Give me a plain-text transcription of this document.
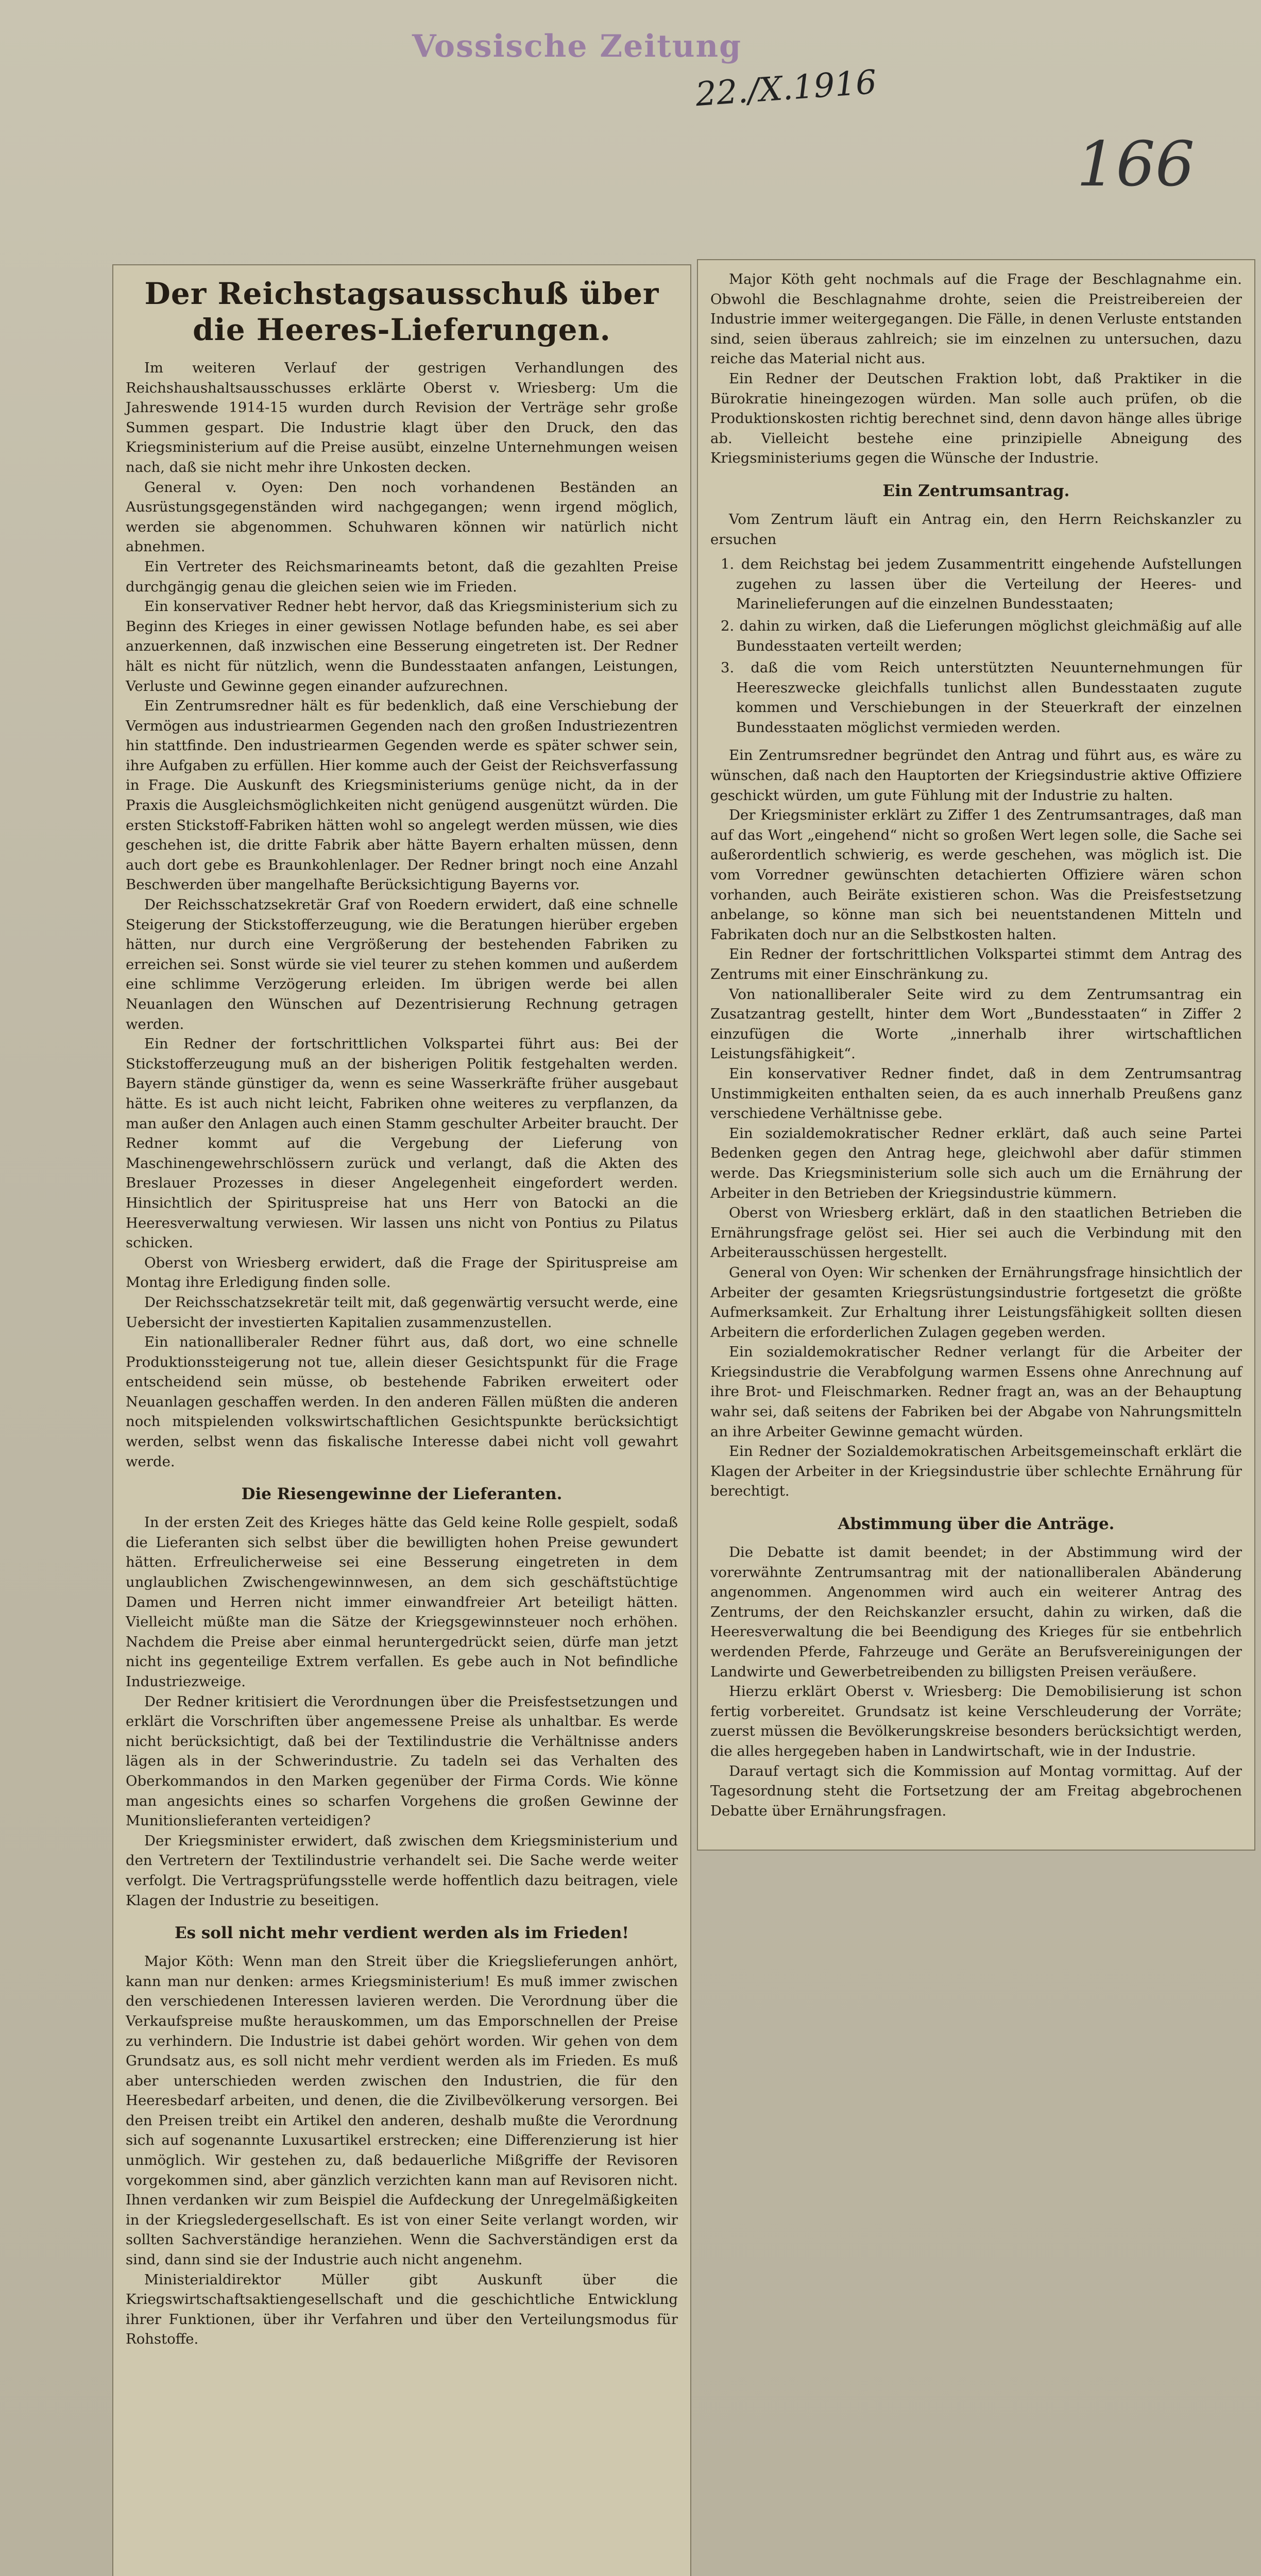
Vossische Zeitung
22./X.1916
166
Der Reichstagsausschuß über die Heeres-Lieferungen.

Im weiteren Verlauf der gestrigen Verhandlungen des Reichshaushaltsausschusses erklärte Oberst v. Wriesberg: Um die Jahreswende 1914-15 wurden durch Revision der Verträge sehr große Summen gespart. Die Industrie klagt über den Druck, den das Kriegsministerium auf die Preise ausübt, einzelne Unternehmungen weisen nach, daß sie nicht mehr ihre Unkosten decken.

General v. Oyen: Den noch vorhandenen Beständen an Ausrüstungsgegenständen wird nachgegangen; wenn irgend möglich, werden sie abgenommen. Schuhwaren können wir natürlich nicht abnehmen.

Ein Vertreter des Reichsmarineamts betont, daß die gezahlten Preise durchgängig genau die gleichen seien wie im Frieden.

Ein konservativer Redner hebt hervor, daß das Kriegsministerium sich zu Beginn des Krieges in einer gewissen Notlage befunden habe, es sei aber anzuerkennen, daß inzwischen eine Besserung eingetreten ist. Der Redner hält es nicht für nützlich, wenn die Bundesstaaten anfangen, Leistungen, Verluste und Gewinne gegen einander aufzurechnen.

Ein Zentrumsredner hält es für bedenklich, daß eine Verschiebung der Vermögen aus industriearmen Gegenden nach den großen Industriezentren hin stattfinde. Den industriearmen Gegenden werde es später schwer sein, ihre Aufgaben zu erfüllen. Hier komme auch der Geist der Reichsverfassung in Frage. Die Auskunft des Kriegsministeriums genüge nicht, da in der Praxis die Ausgleichsmöglichkeiten nicht genügend ausgenützt würden. Die ersten Stickstoff-Fabriken hätten wohl so angelegt werden müssen, wie dies geschehen ist, die dritte Fabrik aber hätte Bayern erhalten müssen, denn auch dort gebe es Braunkohlenlager. Der Redner bringt noch eine Anzahl Beschwerden über mangelhafte Berücksichtigung Bayerns vor.

Der Reichsschatzsekretär Graf von Roedern erwidert, daß eine schnelle Steigerung der Stickstofferzeugung, wie die Beratungen hierüber ergeben hätten, nur durch eine Vergrößerung der bestehenden Fabriken zu erreichen sei. Sonst würde sie viel teurer zu stehen kommen und außerdem eine schlimme Verzögerung erleiden. Im übrigen werde bei allen Neuanlagen den Wünschen auf Dezentrisierung Rechnung getragen werden.

Ein Redner der fortschrittlichen Volkspartei führt aus: Bei der Stickstofferzeugung muß an der bisherigen Politik festgehalten werden. Bayern stände günstiger da, wenn es seine Wasserkräfte früher ausgebaut hätte. Es ist auch nicht leicht, Fabriken ohne weiteres zu verpflanzen, da man außer den Anlagen auch einen Stamm geschulter Arbeiter braucht. Der Redner kommt auf die Vergebung der Lieferung von Maschinengewehrschlössern zurück und verlangt, daß die Akten des Breslauer Prozesses in dieser Angelegenheit eingefordert werden. Hinsichtlich der Spirituspreise hat uns Herr von Batocki an die Heeresverwaltung verwiesen. Wir lassen uns nicht von Pontius zu Pilatus schicken.

Oberst von Wriesberg erwidert, daß die Frage der Spirituspreise am Montag ihre Erledigung finden solle.

Der Reichsschatzsekretär teilt mit, daß gegenwärtig versucht werde, eine Uebersicht der investierten Kapitalien zusammenzustellen.

Ein nationalliberaler Redner führt aus, daß dort, wo eine schnelle Produktionssteigerung not tue, allein dieser Gesichtspunkt für die Frage entscheidend sein müsse, ob bestehende Fabriken erweitert oder Neuanlagen geschaffen werden. In den anderen Fällen müßten die anderen noch mitspielenden volkswirtschaftlichen Gesichtspunkte berücksichtigt werden, selbst wenn das fiskalische Interesse dabei nicht voll gewahrt werde.

Die Riesengewinne der Lieferanten.

In der ersten Zeit des Krieges hätte das Geld keine Rolle gespielt, sodaß die Lieferanten sich selbst über die bewilligten hohen Preise gewundert hätten. Erfreulicherweise sei eine Besserung eingetreten in dem unglaublichen Zwischengewinnwesen, an dem sich geschäftstüchtige Damen und Herren nicht immer einwandfreier Art beteiligt hätten. Vielleicht müßte man die Sätze der Kriegsgewinnsteuer noch erhöhen. Nachdem die Preise aber einmal heruntergedrückt seien, dürfe man jetzt nicht ins gegenteilige Extrem verfallen. Es gebe auch in Not befindliche Industriezweige.

Der Redner kritisiert die Verordnungen über die Preisfestsetzungen und erklärt die Vorschriften über angemessene Preise als unhaltbar. Es werde nicht berücksichtigt, daß bei der Textilindustrie die Verhältnisse anders lägen als in der Schwerindustrie. Zu tadeln sei das Verhalten des Oberkommandos in den Marken gegenüber der Firma Cords. Wie könne man angesichts eines so scharfen Vorgehens die großen Gewinne der Munitionslieferanten verteidigen?

Der Kriegsminister erwidert, daß zwischen dem Kriegsministerium und den Vertretern der Textilindustrie verhandelt sei. Die Sache werde weiter verfolgt. Die Vertragsprüfungsstelle werde hoffentlich dazu beitragen, viele Klagen der Industrie zu beseitigen.

Es soll nicht mehr verdient werden als im Frieden!

Major Köth: Wenn man den Streit über die Kriegslieferungen anhört, kann man nur denken: armes Kriegsministerium! Es muß immer zwischen den verschiedenen Interessen lavieren werden. Die Verordnung über die Verkaufspreise mußte herauskommen, um das Emporschnellen der Preise zu verhindern. Die Industrie ist dabei gehört worden. Wir gehen von dem Grundsatz aus, es soll nicht mehr verdient werden als im Frieden. Es muß aber unterschieden werden zwischen den Industrien, die für den Heeresbedarf arbeiten, und denen, die die Zivilbevölkerung versorgen. Bei den Preisen treibt ein Artikel den anderen, deshalb mußte die Verordnung sich auf sogenannte Luxusartikel erstrecken; eine Differenzierung ist hier unmöglich. Wir gestehen zu, daß bedauerliche Mißgriffe der Revisoren vorgekommen sind, aber gänzlich verzichten kann man auf Revisoren nicht. Ihnen verdanken wir zum Beispiel die Aufdeckung der Unregelmäßigkeiten in der Kriegsledergesellschaft. Es ist von einer Seite verlangt worden, wir sollten Sachverständige heranziehen. Wenn die Sachverständigen erst da sind, dann sind sie der Industrie auch nicht angenehm.

Ministerialdirektor Müller gibt Auskunft über die Kriegswirtschaftsaktiengesellschaft und die geschichtliche Entwicklung ihrer Funktionen, über ihr Verfahren und über den Verteilungsmodus für Rohstoffe.

Major Köth geht nochmals auf die Frage der Beschlagnahme ein. Obwohl die Beschlagnahme drohte, seien die Preistreibereien der Industrie immer weitergegangen. Die Fälle, in denen Verluste entstanden sind, seien überaus zahlreich; sie im einzelnen zu untersuchen, dazu reiche das Material nicht aus.

Ein Redner der Deutschen Fraktion lobt, daß Praktiker in die Bürokratie hineingezogen würden. Man solle auch prüfen, ob die Produktionskosten richtig berechnet sind, denn davon hänge alles übrige ab. Vielleicht bestehe eine prinzipielle Abneigung des Kriegsministeriums gegen die Wünsche der Industrie.

Ein Zentrumsantrag.

Vom Zentrum läuft ein Antrag ein, den Herrn Reichskanzler zu ersuchen

1. dem Reichstag bei jedem Zusammentritt eingehende Aufstellungen zugehen zu lassen über die Verteilung der Heeres- und Marinelieferungen auf die einzelnen Bundesstaaten;
2. dahin zu wirken, daß die Lieferungen möglichst gleichmäßig auf alle Bundesstaaten verteilt werden;
3. daß die vom Reich unterstützten Neuunternehmungen für Heereszwecke gleichfalls tunlichst allen Bundesstaaten zugute kommen und Verschiebungen in der Steuerkraft der einzelnen Bundesstaaten möglichst vermieden werden.

Ein Zentrumsredner begründet den Antrag und führt aus, es wäre zu wünschen, daß nach den Hauptorten der Kriegsindustrie aktive Offiziere geschickt würden, um gute Fühlung mit der Industrie zu halten.

Der Kriegsminister erklärt zu Ziffer 1 des Zentrumsantrages, daß man auf das Wort „eingehend“ nicht so großen Wert legen solle, die Sache sei außerordentlich schwierig, es werde geschehen, was möglich ist. Die vom Vorredner gewünschten detachierten Offiziere wären schon vorhanden, auch Beiräte existieren schon. Was die Preisfestsetzung anbelange, so könne man sich bei neuentstandenen Mitteln und Fabrikaten doch nur an die Selbstkosten halten.

Ein Redner der fortschrittlichen Volkspartei stimmt dem Antrag des Zentrums mit einer Einschränkung zu.

Von nationalliberaler Seite wird zu dem Zentrumsantrag ein Zusatzantrag gestellt, hinter dem Wort „Bundesstaaten“ in Ziffer 2 einzufügen die Worte „innerhalb ihrer wirtschaftlichen Leistungsfähigkeit“.

Ein konservativer Redner findet, daß in dem Zentrumsantrag Unstimmigkeiten enthalten seien, da es auch innerhalb Preußens ganz verschiedene Verhältnisse gebe.

Ein sozialdemokratischer Redner erklärt, daß auch seine Partei Bedenken gegen den Antrag hege, gleichwohl aber dafür stimmen werde. Das Kriegsministerium solle sich auch um die Ernährung der Arbeiter in den Betrieben der Kriegsindustrie kümmern.

Oberst von Wriesberg erklärt, daß in den staatlichen Betrieben die Ernährungsfrage gelöst sei. Hier sei auch die Verbindung mit den Arbeiterausschüssen hergestellt.

General von Oyen: Wir schenken der Ernährungsfrage hinsichtlich der Arbeiter der gesamten Kriegsrüstungsindustrie fortgesetzt die größte Aufmerksamkeit. Zur Erhaltung ihrer Leistungsfähigkeit sollten diesen Arbeitern die erforderlichen Zulagen gegeben werden.

Ein sozialdemokratischer Redner verlangt für die Arbeiter der Kriegsindustrie die Verabfolgung warmen Essens ohne Anrechnung auf ihre Brot- und Fleischmarken. Redner fragt an, was an der Behauptung wahr sei, daß seitens der Fabriken bei der Abgabe von Nahrungsmitteln an ihre Arbeiter Gewinne gemacht würden.

Ein Redner der Sozialdemokratischen Arbeitsgemeinschaft erklärt die Klagen der Arbeiter in der Kriegsindustrie über schlechte Ernährung für berechtigt.

Abstimmung über die Anträge.

Die Debatte ist damit beendet; in der Abstimmung wird der vorerwähnte Zentrumsantrag mit der nationalliberalen Abänderung angenommen. Angenommen wird auch ein weiterer Antrag des Zentrums, der den Reichskanzler ersucht, dahin zu wirken, daß die Heeresverwaltung die bei Beendigung des Krieges für sie entbehrlich werdenden Pferde, Fahrzeuge und Geräte an Berufsvereinigungen der Landwirte und Gewerbetreibenden zu billigsten Preisen veräußere.

Hierzu erklärt Oberst v. Wriesberg: Die Demobilisierung ist schon fertig vorbereitet. Grundsatz ist keine Verschleuderung der Vorräte; zuerst müssen die Bevölkerungskreise besonders berücksichtigt werden, die alles hergegeben haben in Landwirtschaft, wie in der Industrie.

Darauf vertagt sich die Kommission auf Montag vormittag. Auf der Tagesordnung steht die Fortsetzung der am Freitag abgebrochenen Debatte über Ernährungsfragen.
